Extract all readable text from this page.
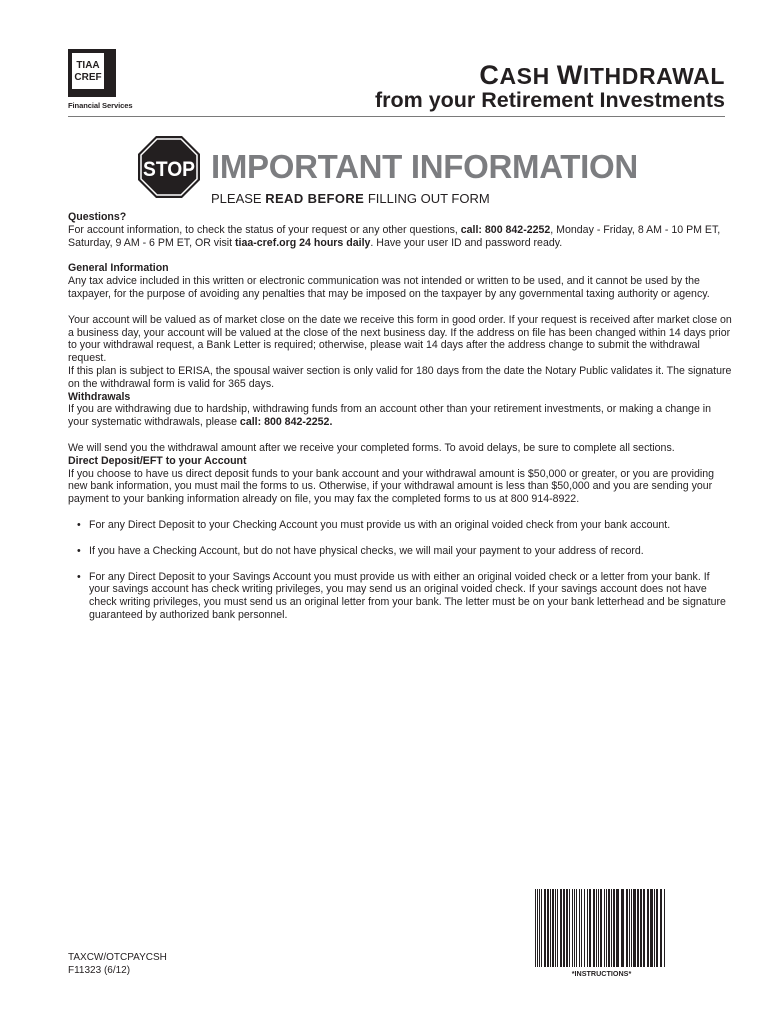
TIAA
CREF
Financial Services
CASH WITHDRAWAL
from your Retirement Investments
STOP IMPORTANT INFORMATION
PLEASE READ BEFORE FILLING OUT FORM
Questions?
For account information, to check the status of your request or any other questions, call: 800 842-2252, Monday - Friday, 8 AM - 10 PM ET, Saturday, 9 AM - 6 PM ET, OR visit tiaa-cref.org 24 hours daily. Have your user ID and password ready.
General Information
Any tax advice included in this written or electronic communication was not intended or written to be used, and it cannot be used by the taxpayer, for the purpose of avoiding any penalties that may be imposed on the taxpayer by any governmental taxing authority or agency.
Your account will be valued as of market close on the date we receive this form in good order. If your request is received after market close on a business day, your account will be valued at the close of the next business day. If the address on file has been changed within 14 days prior to your withdrawal request, a Bank Letter is required; otherwise, please wait 14 days after the address change to submit the withdrawal request.
If this plan is subject to ERISA, the spousal waiver section is only valid for 180 days from the date the Notary Public validates it. The signature on the withdrawal form is valid for 365 days.
Withdrawals
If you are withdrawing due to hardship, withdrawing funds from an account other than your retirement investments, or making a change in your systematic withdrawals, please call: 800 842-2252.
We will send you the withdrawal amount after we receive your completed forms. To avoid delays, be sure to complete all sections.
Direct Deposit/EFT to your Account
If you choose to have us direct deposit funds to your bank account and your withdrawal amount is $50,000 or greater, or you are providing new bank information, you must mail the forms to us. Otherwise, if your withdrawal amount is less than $50,000 and you are sending your payment to your banking information already on file, you may fax the completed forms to us at 800 914-8922.
• For any Direct Deposit to your Checking Account you must provide us with an original voided check from your bank account.
• If you have a Checking Account, but do not have physical checks, we will mail your payment to your address of record.
• For any Direct Deposit to your Savings Account you must provide us with either an original voided check or a letter from your bank. If your savings account has check writing privileges, you may send us an original voided check. If your savings account does not have check writing privileges, you must send us an original letter from your bank. The letter must be on your bank letterhead and be signature guaranteed by authorized bank personnel.
TAXCW/OTCPAYCSH
F11323 (6/12)	*INSTRUCTIONS*
